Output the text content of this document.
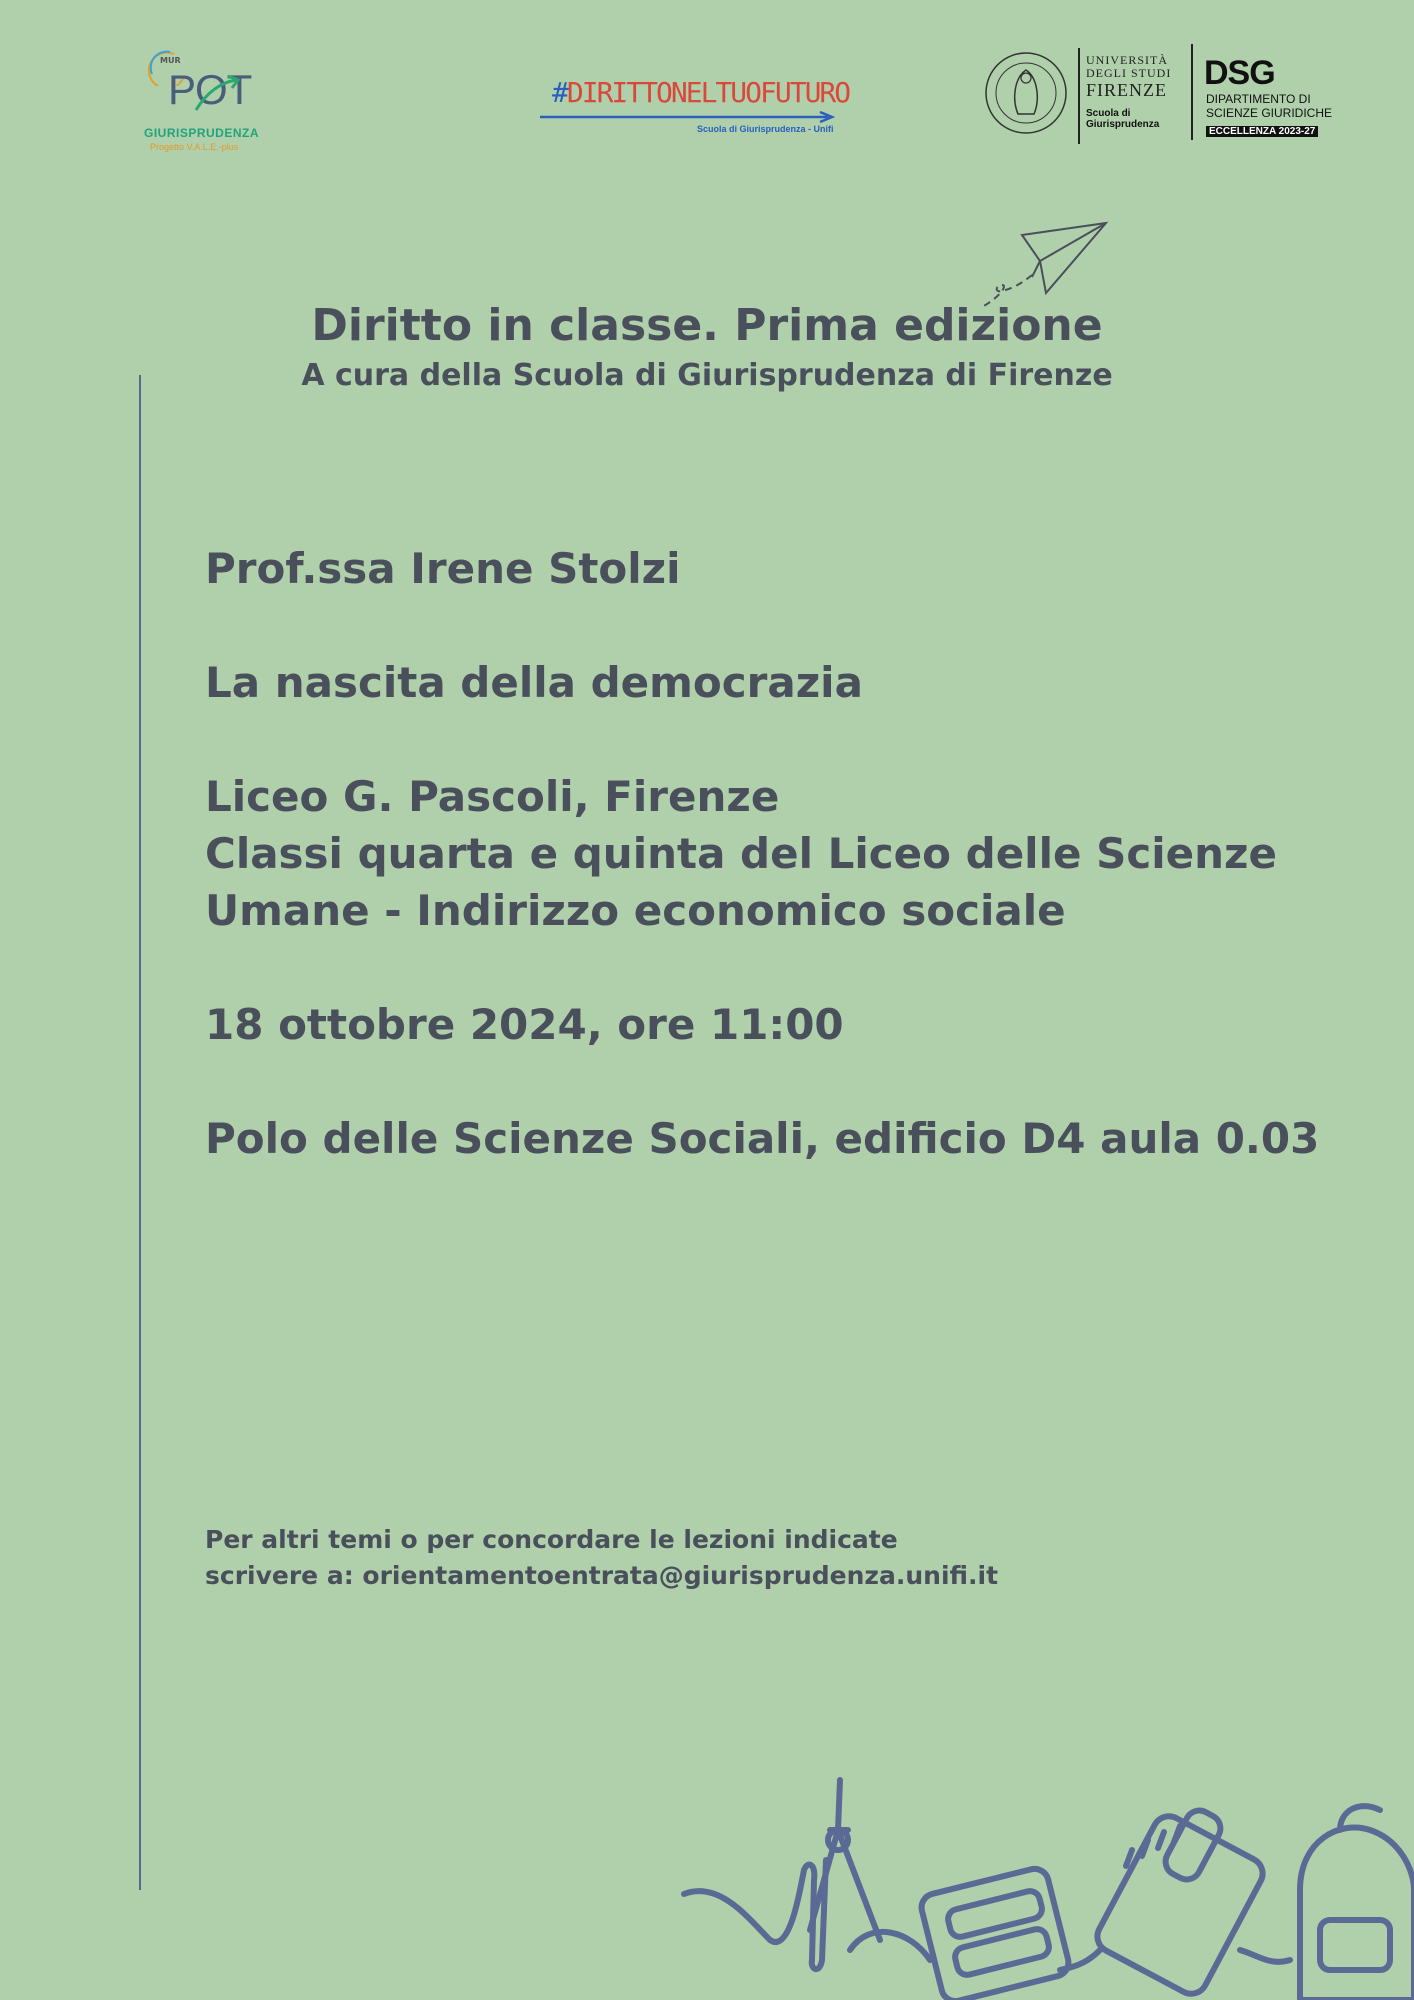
MUR
POT
GIURISPRUDENZA
Progetto V.A.L.E.-plus
#DIRITTONELTUOFUTURO
Scuola di Giurisprudenza - Unifi
UNIVERSITÀ
DEGLI STUDI
FIRENZE
Scuola di
Giurisprudenza
DSG
DIPARTIMENTO DI
SCIENZE GIURIDICHE
ECCELLENZA 2023-27
Diritto in classe. Prima edizione
A cura della Scuola di Giurisprudenza di Firenze

Prof.ssa Irene Stolzi

La nascita della democrazia

Liceo G. Pascoli, Firenze

Classi quarta e quinta del Liceo delle Scienze

Umane - Indirizzo economico sociale

18 ottobre 2024, ore 11:00

Polo delle Scienze Sociali, edificio D4 aula 0.03

Per altri temi o per concordare le lezioni indicate
scrivere a: orientamentoentrata@giurisprudenza.unifi.it
